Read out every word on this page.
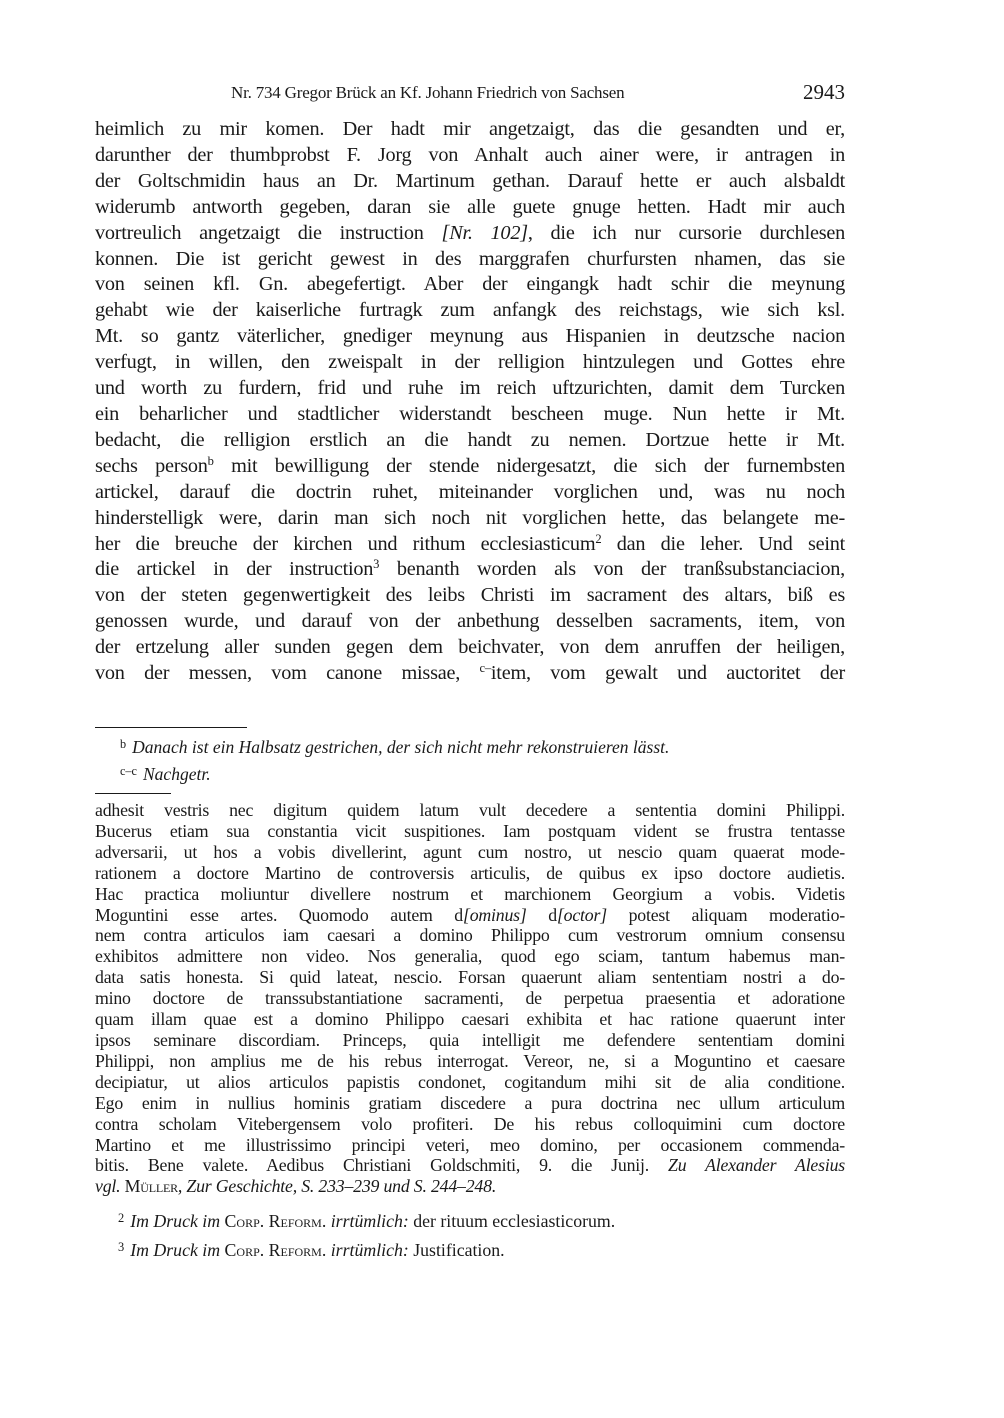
Nr. 734 Gregor Brück an Kf. Johann Friedrich von Sachsen	2943
heimlich zu mir komen. Der hadt mir angetzaigt, das die gesandten und er,
darunther der thumbprobst F. Jorg von Anhalt auch ainer were, ir antragen in
der Goltschmidin haus an Dr. Martinum gethan. Darauf hette er auch alsbaldt
widerumb antworth gegeben, daran sie alle guete gnuge hetten. Hadt mir auch
vortreulich angetzaigt die instruction [Nr. 102], die ich nur cursorie durchlesen
konnen. Die ist gericht gewest in des marggrafen churfursten nhamen, das sie
von seinen kfl. Gn. abegefertigt. Aber der eingangk hadt schir die meynung
gehabt wie der kaiserliche furtragk zum anfangk des reichstags, wie sich ksl.
Mt. so gantz väterlicher, gnediger meynung aus Hispanien in deutzsche nacion
verfugt, in willen, den zweispalt in der relligion hintzulegen und Gottes ehre
und worth zu furdern, frid und ruhe im reich uftzurichten, damit dem Turcken
ein beharlicher und stadtlicher widerstandt bescheen muge. Nun hette ir Mt.
bedacht, die relligion erstlich an die handt zu nemen. Dortzue hette ir Mt.
sechs person$^b$ mit bewilligung der stende nidergesatzt, die sich der furnembsten
artickel, darauf die doctrin ruhet, miteinander vorglichen und, was nu noch
hinderstelligk were, darin man sich noch nit vorglichen hette, das belangete me-
her die breuche der kirchen und rithum ecclesiasticum$^2$ dan die leher. Und seint
die artickel in der instruction$^3$ benanth worden als von der tranßsubstanciacion,
von der steten gegenwertigkeit des leibs Christi im sacrament des altars, biß es
genossen wurde, und darauf von der anbethung desselben sacraments, item, von
der ertzelung aller sunden gegen dem beichvater, von dem anruffen der heiligen,
von der messen, vom canone missae, $^{c-}$item, vom gewalt und auctoritet der
$^b$ Danach ist ein Halbsatz gestrichen, der sich nicht mehr rekonstruieren lässt.
$^{c-c}$ Nachgetr.
adhesit vestris nec digitum quidem latum vult decedere a sententia domini Philippi.
Bucerus etiam sua constantia vicit suspitiones. Iam postquam vident se frustra tentasse
adversarii, ut hos a vobis divellerint, agunt cum nostro, ut nescio quam quaerat mode-
rationem a doctore Martino de controversis articulis, de quibus ex ipso doctore audietis.
Hac practica moliuntur divellere nostrum et marchionem Georgium a vobis. Videtis
Moguntini esse artes. Quomodo autem d[ominus] d[octor] potest aliquam moderatio-
nem contra articulos iam caesari a domino Philippo cum vestrorum omnium consensu
exhibitos admittere non video. Nos generalia, quod ego sciam, tantum habemus man-
data satis honesta. Si quid lateat, nescio. Forsan quaerunt aliam sententiam nostri a do-
mino doctore de transsubstantiatione sacramenti, de perpetua praesentia et adoratione
quam illam quae est a domino Philippo caesari exhibita et hac ratione quaerunt inter
ipsos seminare discordiam. Princeps, quia intelligit me defendere sententiam domini
Philippi, non amplius me de his rebus interrogat. Vereor, ne, si a Moguntino et caesare
decipiatur, ut alios articulos papistis condonet, cogitandum mihi sit de alia conditione.
Ego enim in nullius hominis gratiam discedere a pura doctrina nec ullum articulum
contra scholam Vitebergensem volo profiteri. De his rebus colloquimini cum doctore
Martino et me illustrissimo principi veteri, meo domino, per occasionem commenda-
bitis. Bene valete. Aedibus Christiani Goldschmiti, 9. die Junij. Zu Alexander Alesius
vgl. Müller, Zur Geschichte, S. 233–239 und S. 244–248.
$^2$ Im Druck im Corp. Reform. irrtümlich: der rituum ecclesiasticorum.
$^3$ Im Druck im Corp. Reform. irrtümlich: Justification.
